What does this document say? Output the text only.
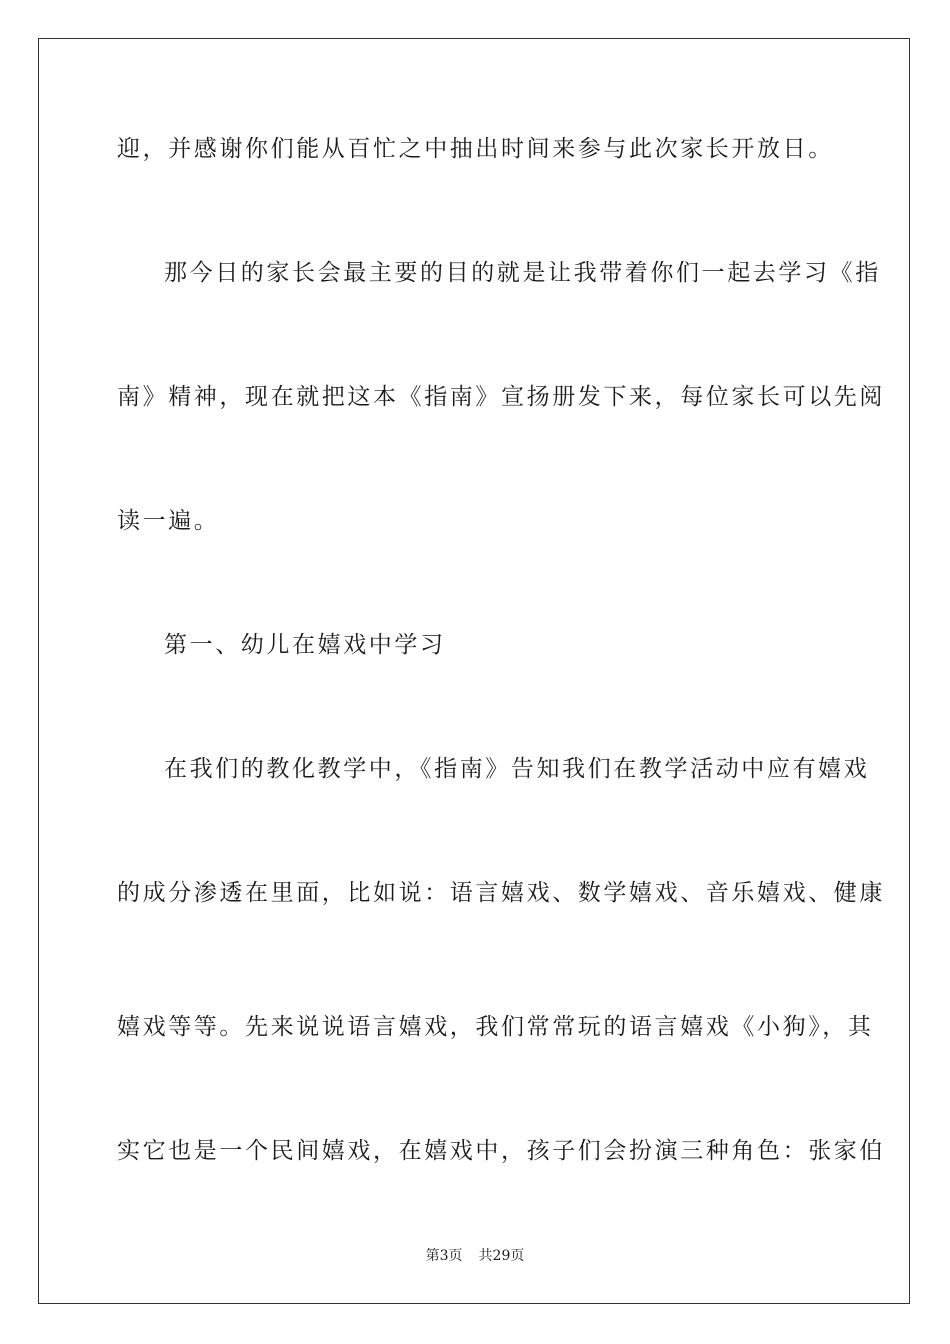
迎，并感谢你们能从百忙之中抽出时间来参与此次家长开放日。
那今日的家长会最主要的目的就是让我带着你们一起去学习《指
南》精神，现在就把这本《指南》宣扬册发下来，每位家长可以先阅
读一遍。
第一、幼儿在嬉戏中学习
在我们的教化教学中，《指南》告知我们在教学活动中应有嬉戏
的成分渗透在里面，比如说：语言嬉戏、数学嬉戏、音乐嬉戏、健康
嬉戏等等。先来说说语言嬉戏，我们常常玩的语言嬉戏《小狗》，其
实它也是一个民间嬉戏，在嬉戏中，孩子们会扮演三种角色：张家伯
第3页 共29页
